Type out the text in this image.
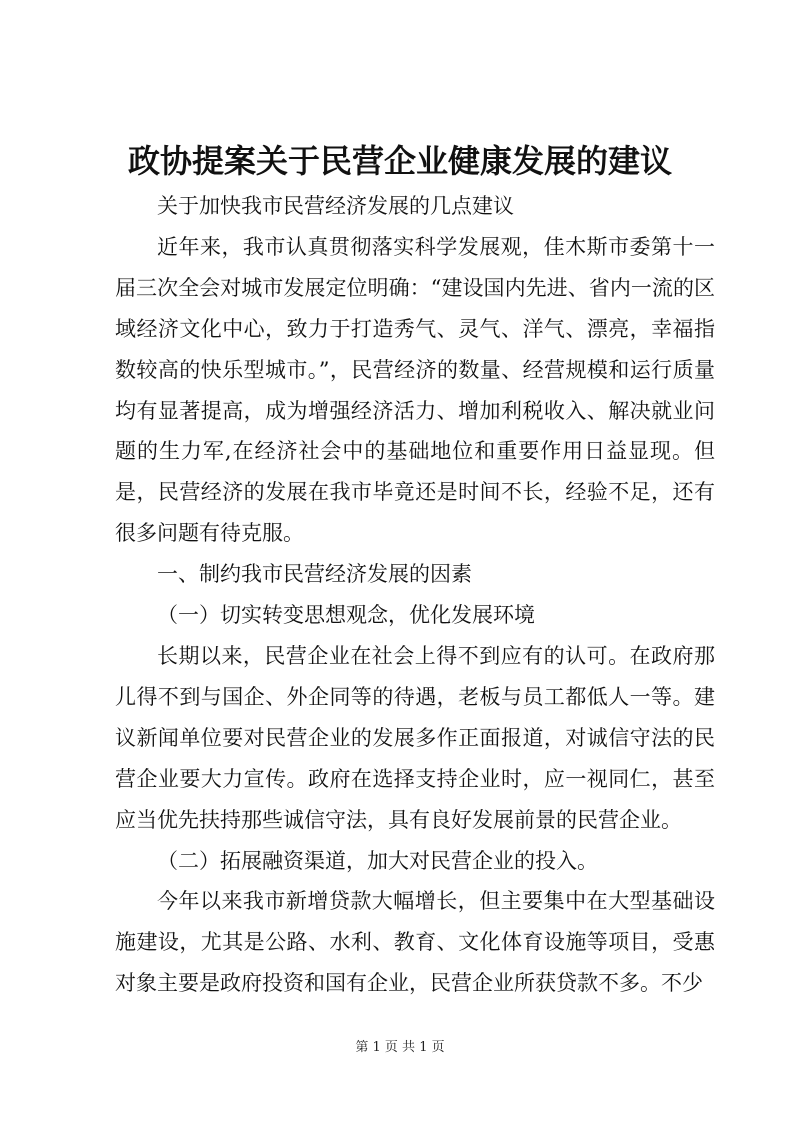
政协提案关于民营企业健康发展的建议

关于加快我市民营经济发展的几点建议

近年来，我市认真贯彻落实科学发展观，佳木斯市委第十一届三次全会对城市发展定位明确：“建设国内先进、省内一流的区域经济文化中心，致力于打造秀气、灵气、洋气、漂亮，幸福指数较高的快乐型城市。”，民营经济的数量、经营规模和运行质量均有显著提高，成为增强经济活力、增加利税收入、解决就业问题的生力军,在经济社会中的基础地位和重要作用日益显现。但是，民营经济的发展在我市毕竟还是时间不长，经验不足，还有很多问题有待克服。

一、制约我市民营经济发展的因素

（一）切实转变思想观念，优化发展环境

长期以来，民营企业在社会上得不到应有的认可。在政府那儿得不到与国企、外企同等的待遇，老板与员工都低人一等。建议新闻单位要对民营企业的发展多作正面报道，对诚信守法的民营企业要大力宣传。政府在选择支持企业时，应一视同仁，甚至应当优先扶持那些诚信守法，具有良好发展前景的民营企业。

（二）拓展融资渠道，加大对民营企业的投入。

今年以来我市新增贷款大幅增长，但主要集中在大型基础设施建设，尤其是公路、水利、教育、文化体育设施等项目，受惠对象主要是政府投资和国有企业，民营企业所获贷款不多。不少

第 1 页 共 1 页
